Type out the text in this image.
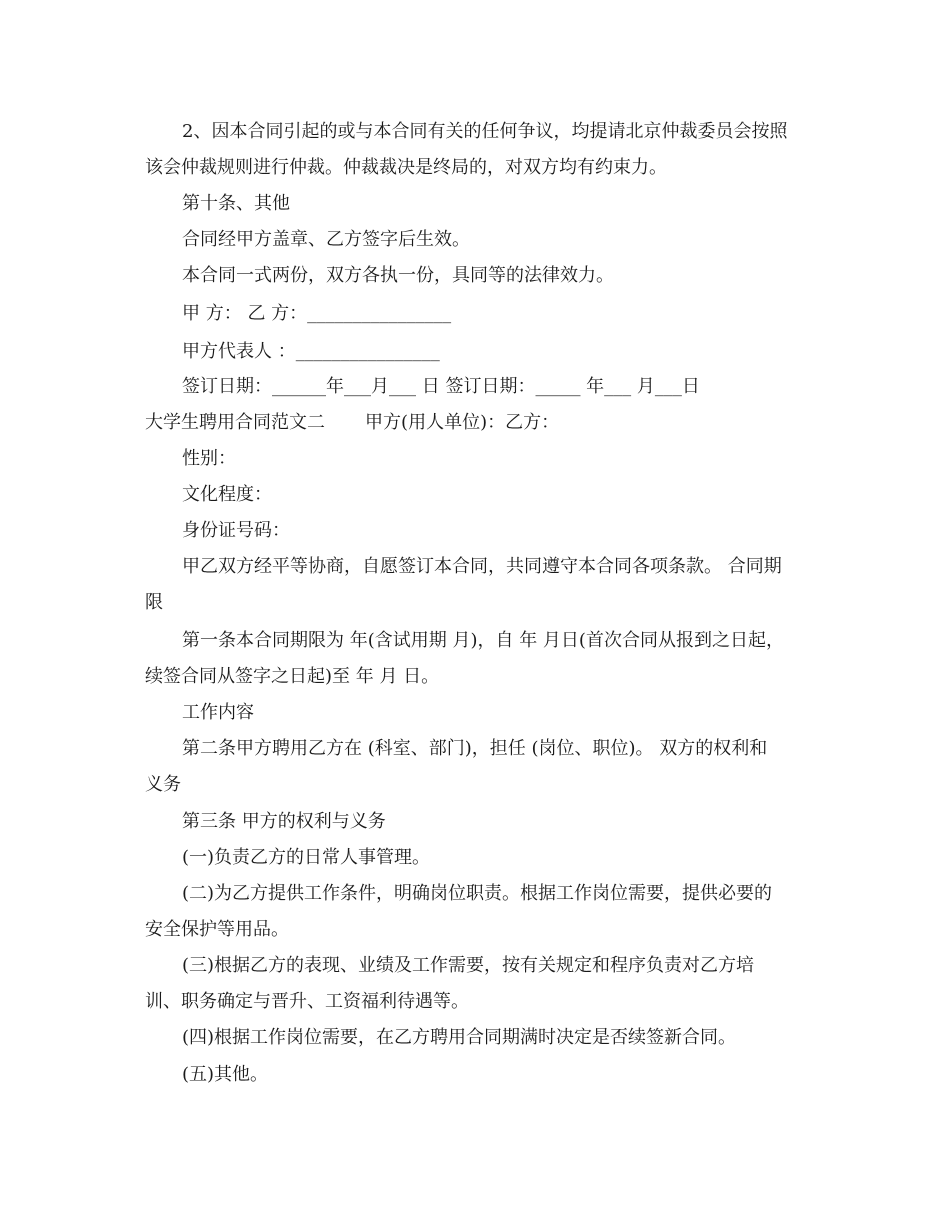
2、因本合同引起的或与本合同有关的任何争议，均提请北京仲裁委员会按照
该会仲裁规则进行仲裁。仲裁裁决是终局的，对双方均有约束力。
第十条、其他
合同经甲方盖章、乙方签字后生效。
本合同一式两份，双方各执一份，具同等的法律效力。
甲 方： 乙 方：________________
甲方代表人 ：________________
签订日期：______年___月___ 日 签订日期：_____ 年___ 月___日
大学生聘用合同范文二       甲方(用人单位)：乙方：
性别：
文化程度：
身份证号码：
甲乙双方经平等协商，自愿签订本合同，共同遵守本合同各项条款。 合同期
限
第一条本合同期限为 年(含试用期 月)，自 年 月日(首次合同从报到之日起，
续签合同从签字之日起)至 年 月 日。
工作内容
第二条甲方聘用乙方在 (科室、部门)，担任 (岗位、职位)。 双方的权利和
义务
第三条 甲方的权利与义务
(一)负责乙方的日常人事管理。
(二)为乙方提供工作条件，明确岗位职责。根据工作岗位需要，提供必要的
安全保护等用品。
(三)根据乙方的表现、业绩及工作需要，按有关规定和程序负责对乙方培
训、职务确定与晋升、工资福利待遇等。
(四)根据工作岗位需要，在乙方聘用合同期满时决定是否续签新合同。
(五)其他。
